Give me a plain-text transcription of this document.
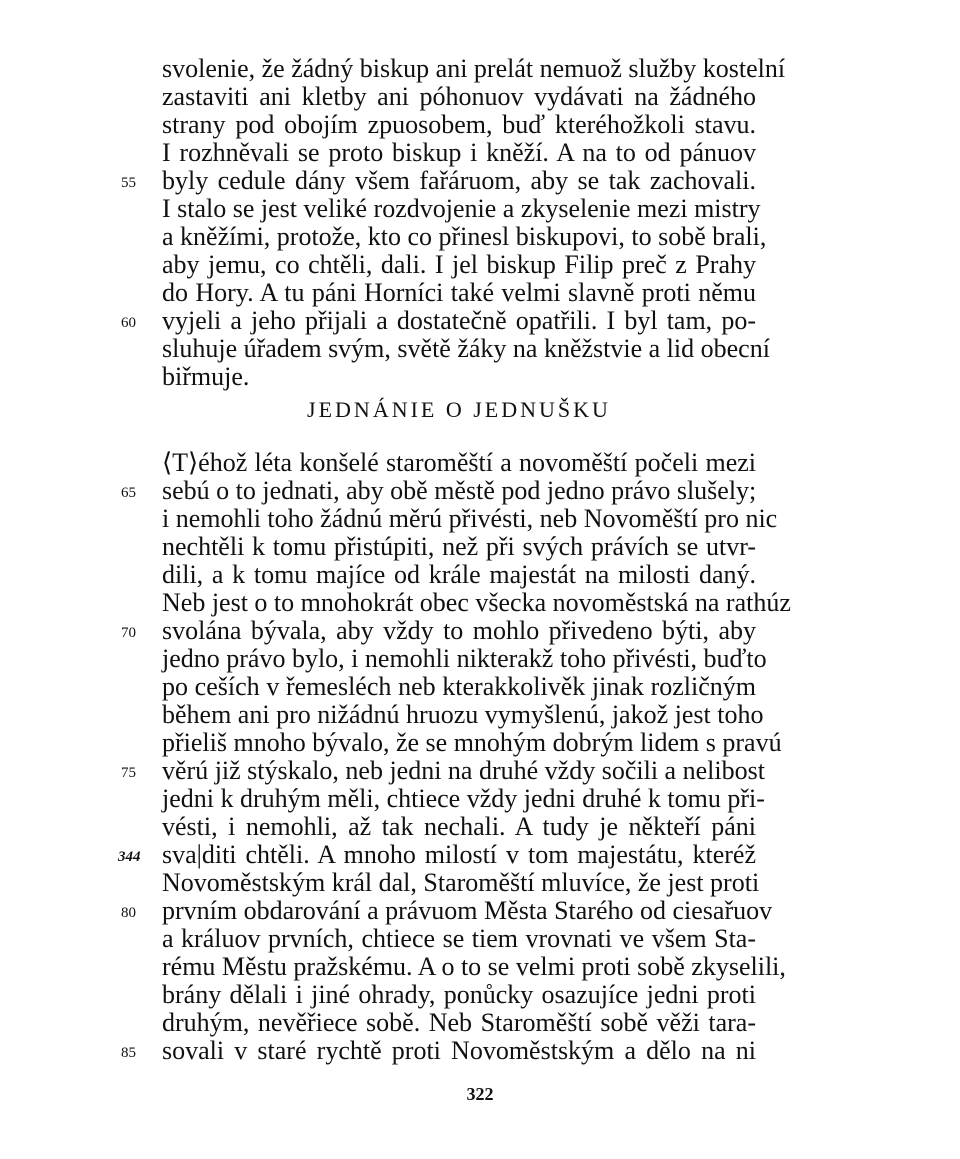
svolenie, že žádný biskup ani prelát nemuož služby kostelní
zastaviti ani kletby ani póhonuov vydávati na žádného
strany pod obojím zpuosobem, buď kteréhožkoli stavu.
I rozhněvali se proto biskup i kněží. A na to od pánuov
byly cedule dány všem fařáruom, aby se tak zachovali.
I stalo se jest veliké rozdvojenie a zkyselenie mezi mistry
a kněžími, protože, kto co přinesl biskupovi, to sobě brali,
aby jemu, co chtěli, dali. I jel biskup Filip preč z Prahy
do Hory. A tu páni Horníci také velmi slavně proti němu
vyjeli a jeho přijali a dostatečně opatřili. I byl tam, po-
sluhuje úřadem svým, světě žáky na kněžstvie a lid obecní
biřmuje.
JEDNÁNIE O JEDNUŠKU
⟨T⟩éhož léta konšelé staroměští a novoměští počeli mezi
sebú o to jednati, aby obě městě pod jedno právo slušely;
i nemohli toho žádnú měrú přivésti, neb Novoměští pro nic
nechtěli k tomu přistúpiti, než při svých právích se utvr-
dili, a k tomu majíce od krále majestát na milosti daný.
Neb jest o to mnohokrát obec všecka novoměstská na rathúz
svolána bývala, aby vždy to mohlo přivedeno býti, aby
jedno právo bylo, i nemohli nikterakž toho přivésti, buďto
po ceších v řemesléch neb kterakkolivěk jinak rozličným
během ani pro nižádnú hruozu vymyšlenú, jakož jest toho
přieliš mnoho bývalo, že se mnohým dobrým lidem s pravú
věrú již stýskalo, neb jedni na druhé vždy sočili a nelibost
jedni k druhým měli, chtiece vždy jedni druhé k tomu při-
vésti, i nemohli, až tak nechali. A tudy je někteří páni
sva|diti chtěli. A mnoho milostí v tom majestátu, kteréž
Novoměstským král dal, Staroměští mluvíce, že jest proti
prvním obdarování a právuom Města Starého od ciesařuov
a králuov prvních, chtiece se tiem vrovnati ve všem Sta-
rému Městu pražskému. A o to se velmi proti sobě zkyselili,
brány dělali i jiné ohrady, ponůcky osazujíce jedni proti
druhým, nevěřiece sobě. Neb Staroměští sobě věži tara-
sovali v staré rychtě proti Novoměstským a dělo na ni
55
60
65
70
75
80
85
344
322
